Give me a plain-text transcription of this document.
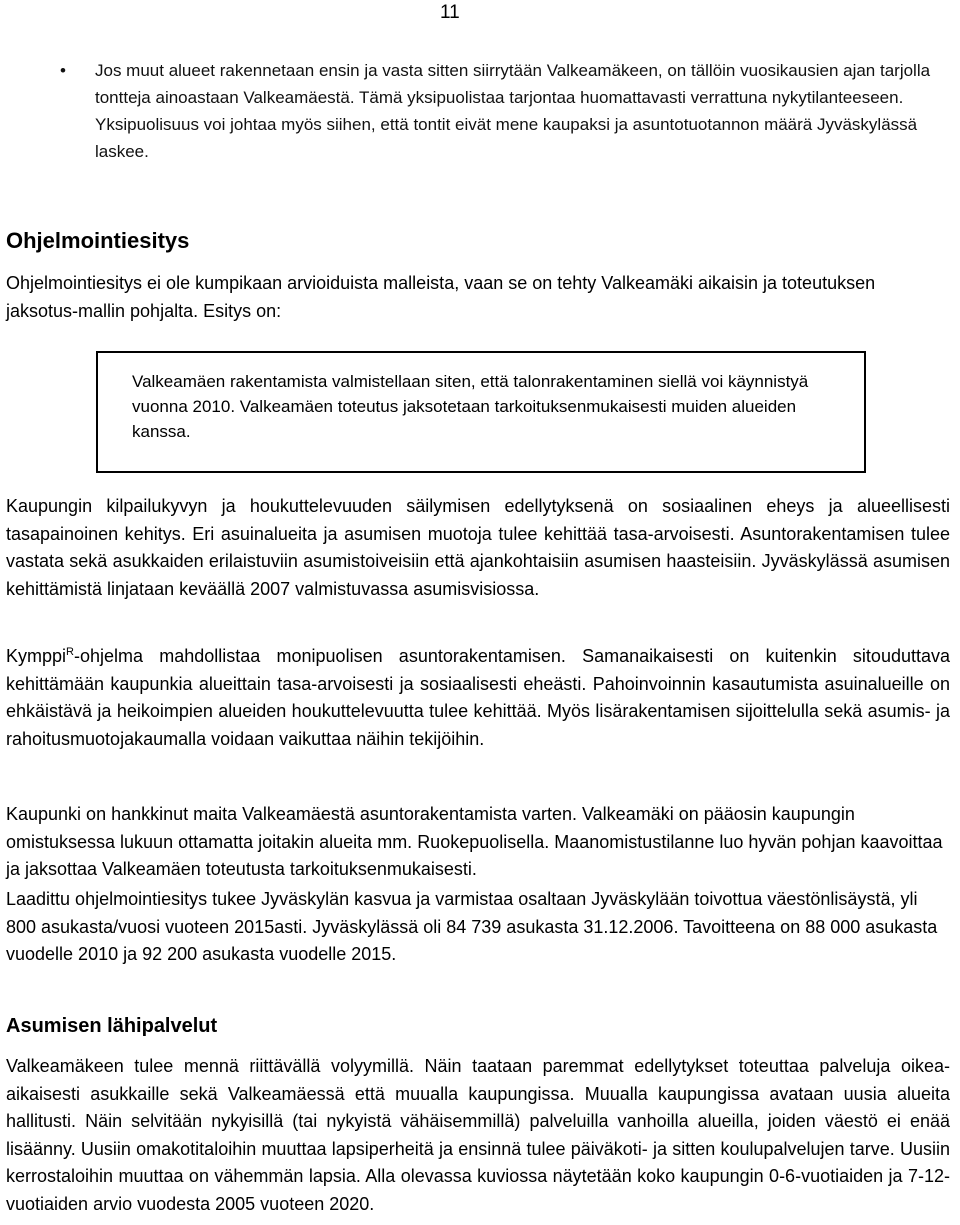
11
• Jos muut alueet rakennetaan ensin ja vasta sitten siirrytään Valkeamäkeen, on tällöin vuosikausien ajan tarjolla tontteja ainoastaan Valkeamäestä. Tämä yksipuolistaa tarjontaa huomattavasti verrattuna nykytilanteeseen. Yksipuolisuus voi johtaa myös siihen, että tontit eivät mene kaupaksi ja asuntotuotannon määrä Jyväskylässä laskee.
Ohjelmointiesitys
Ohjelmointiesitys ei ole kumpikaan arvioiduista malleista, vaan se on tehty Valkeamäki aikaisin ja toteutuksen jaksotus-mallin pohjalta. Esitys on:
Valkeamäen rakentamista valmistellaan siten, että talonrakentaminen siellä voi käynnistyä vuonna 2010. Valkeamäen toteutus jaksotetaan tarkoituksenmukaisesti muiden alueiden kanssa.
Kaupungin kilpailukyvyn ja houkuttelevuuden säilymisen edellytyksenä on sosiaalinen eheys ja alueellisesti tasapainoinen kehitys. Eri asuinalueita ja asumisen muotoja tulee kehittää tasa-arvoisesti. Asuntorakentamisen tulee vastata sekä asukkaiden erilaistuviin asumistoiveisiin että ajankohtaisiin asumisen haasteisiin. Jyväskylässä asumisen kehittämistä linjataan keväällä 2007 valmistuvassa asumisvisiossa.
Kymppi$^R$-ohjelma mahdollistaa monipuolisen asuntorakentamisen. Samanaikaisesti on kuitenkin sitouduttava kehittämään kaupunkia alueittain tasa-arvoisesti ja sosiaalisesti eheästi. Pahoinvoinnin kasautumista asuinalueille on ehkäistävä ja heikoimpien alueiden houkuttelevuutta tulee kehittää. Myös lisärakentamisen sijoittelulla sekä asumis- ja rahoitusmuotojakaumalla voidaan vaikuttaa näihin tekijöihin.
Kaupunki on hankkinut maita Valkeamäestä asuntorakentamista varten. Valkeamäki on pääosin kaupungin omistuksessa lukuun ottamatta joitakin alueita mm. Ruokepuolisella. Maanomistustilanne luo hyvän pohjan kaavoittaa ja jaksottaa Valkeamäen toteutusta tarkoituksenmukaisesti.
Laadittu ohjelmointiesitys tukee Jyväskylän kasvua ja varmistaa osaltaan Jyväskylään toivottua väestönlisäystä, yli 800 asukasta/vuosi vuoteen 2015asti. Jyväskylässä oli 84 739 asukasta 31.12.2006. Tavoitteena on 88 000 asukasta vuodelle 2010 ja 92 200 asukasta vuodelle 2015.
Asumisen lähipalvelut
Valkeamäkeen tulee mennä riittävällä volyymillä. Näin taataan paremmat edellytykset toteuttaa palveluja oikea-aikaisesti asukkaille sekä Valkeamäessä että muualla kaupungissa. Muualla kaupungissa avataan uusia alueita hallitusti. Näin selvitään nykyisillä (tai nykyistä vähäisemmillä) palveluilla vanhoilla alueilla, joiden väestö ei enää lisäänny. Uusiin omakotitaloihin muuttaa lapsiperheitä ja ensinnä tulee päiväkoti- ja sitten koulupalvelujen tarve. Uusiin kerrostaloihin muuttaa on vähemmän lapsia. Alla olevassa kuviossa näytetään koko kaupungin 0-6-vuotiaiden ja 7-12-vuotiaiden arvio vuodesta 2005 vuoteen 2020.
